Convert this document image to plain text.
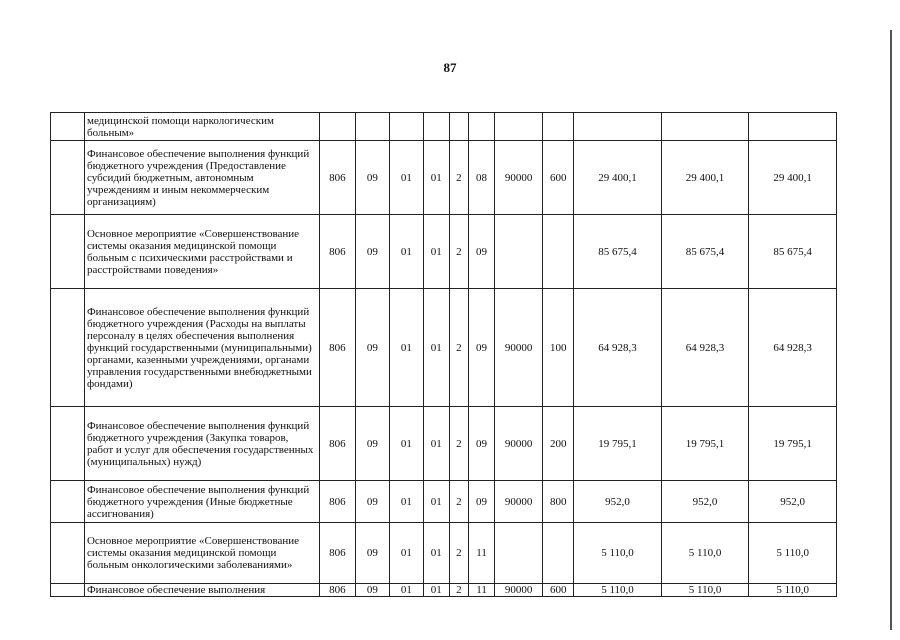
87
	медицинской помощи наркологическим больным»											
	Финансовое обеспечение выполнения функций бюджетного учреждения (Предоставление субсидий бюджетным, автономным учреждениям и иным некоммерческим организациям)	806	09	01	01	2	08	90000	600	29 400,1	29 400,1	29 400,1
	Основное мероприятие «Совершенствование системы оказания медицинской помощи больным с психическими расстройствами и расстройствами поведения»	806	09	01	01	2	09			85 675,4	85 675,4	85 675,4
	Финансовое обеспечение выполнения функций бюджетного учреждения (Расходы на выплаты персоналу в целях обеспечения выполнения функций государственными (муниципальными) органами, казенными учреждениями, органами управления государственными внебюджетными фондами)	806	09	01	01	2	09	90000	100	64 928,3	64 928,3	64 928,3
	Финансовое обеспечение выполнения функций бюджетного учреждения (Закупка товаров, работ и услуг для обеспечения государственных (муниципальных) нужд)	806	09	01	01	2	09	90000	200	19 795,1	19 795,1	19 795,1
	Финансовое обеспечение выполнения функций бюджетного учреждения (Иные бюджетные ассигнования)	806	09	01	01	2	09	90000	800	952,0	952,0	952,0
	Основное мероприятие «Совершенствование системы оказания медицинской помощи больным онкологическими заболеваниями»	806	09	01	01	2	11			5 110,0	5 110,0	5 110,0
	Финансовое обеспечение выполнения	806	09	01	01	2	11	90000	600	5 110,0	5 110,0	5 110,0
